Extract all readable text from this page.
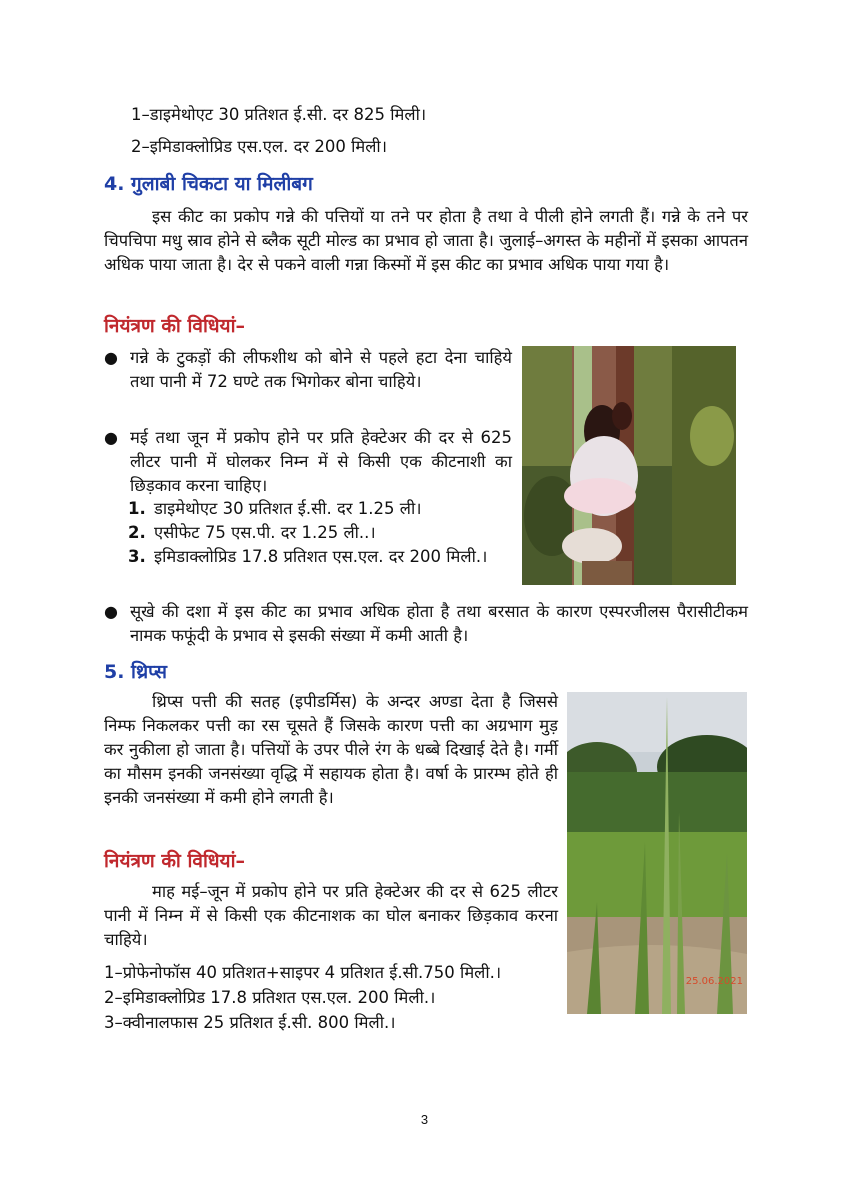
1–डाइमेथोएट 30 प्रतिशत ई.सी. दर 825 मिली।
2–इमिडाक्लोप्रिड एस.एल. दर 200 मिली।
4. गुलाबी चिकटा या मिलीबग
इस कीट का प्रकोप गन्ने की पत्तियों या तने पर होता है तथा वे पीली होने लगती हैं। गन्ने के तने पर चिपचिपा मधु स्राव होने से ब्लैक सूटी मोल्ड का प्रभाव हो जाता है। जुलाई–अगस्त के महीनों में इसका आपतन अधिक पाया जाता है। देर से पकने वाली गन्ना किस्मों में इस कीट का प्रभाव अधिक पाया गया है।
नियंत्रण की विधियां–
● गन्ने के टुकड़ों की लीफशीथ को बोने से पहले हटा देना चाहिये तथा पानी में 72 घण्टे तक भिगोकर बोना चाहिये।
● मई तथा जून में प्रकोप होने पर प्रति हेक्टेअर की दर से 625 लीटर पानी में घोलकर निम्न में से किसी एक कीटनाशी का छिड़काव करना चाहिए।
1. डाइमेथोएट 30 प्रतिशत ई.सी. दर 1.25 ली।
2. एसीफेट 75 एस.पी. दर 1.25 ली..।
3. इमिडाक्लोप्रिड 17.8 प्रतिशत एस.एल. दर 200 मिली.।
● सूखे की दशा में इस कीट का प्रभाव अधिक होता है तथा बरसात के कारण एस्परजीलस पैरासीटीकम नामक फफूंदी के प्रभाव से इसकी संख्या में कमी आती है।
5. थ्रिप्स
थ्रिप्स पत्ती की सतह (इपीडर्मिस) के अन्दर अण्डा देता है जिससे निम्फ निकलकर पत्ती का रस चूसते हैं जिसके कारण पत्ती का अग्रभाग मुड़ कर नुकीला हो जाता है। पत्तियों के उपर पीले रंग के धब्बे दिखाई देते है। गर्मी का मौसम इनकी जनसंख्या वृद्धि में सहायक होता है। वर्षा के प्रारम्भ होते ही इनकी जनसंख्या में कमी होने लगती है।
नियंत्रण की विधियां–
माह मई–जून में प्रकोप होने पर प्रति हेक्टेअर की दर से 625 लीटर पानी में निम्न में से किसी एक कीटनाशक का घोल बनाकर छिड़काव करना चाहिये।
1–प्रोफेनोफॉस 40 प्रतिशत+साइपर 4 प्रतिशत ई.सी.750 मिली.।
2–इमिडाक्लोप्रिड 17.8 प्रतिशत एस.एल. 200 मिली.।
3–क्वीनालफास 25 प्रतिशत ई.सी. 800 मिली.।
25.06.2021
3
